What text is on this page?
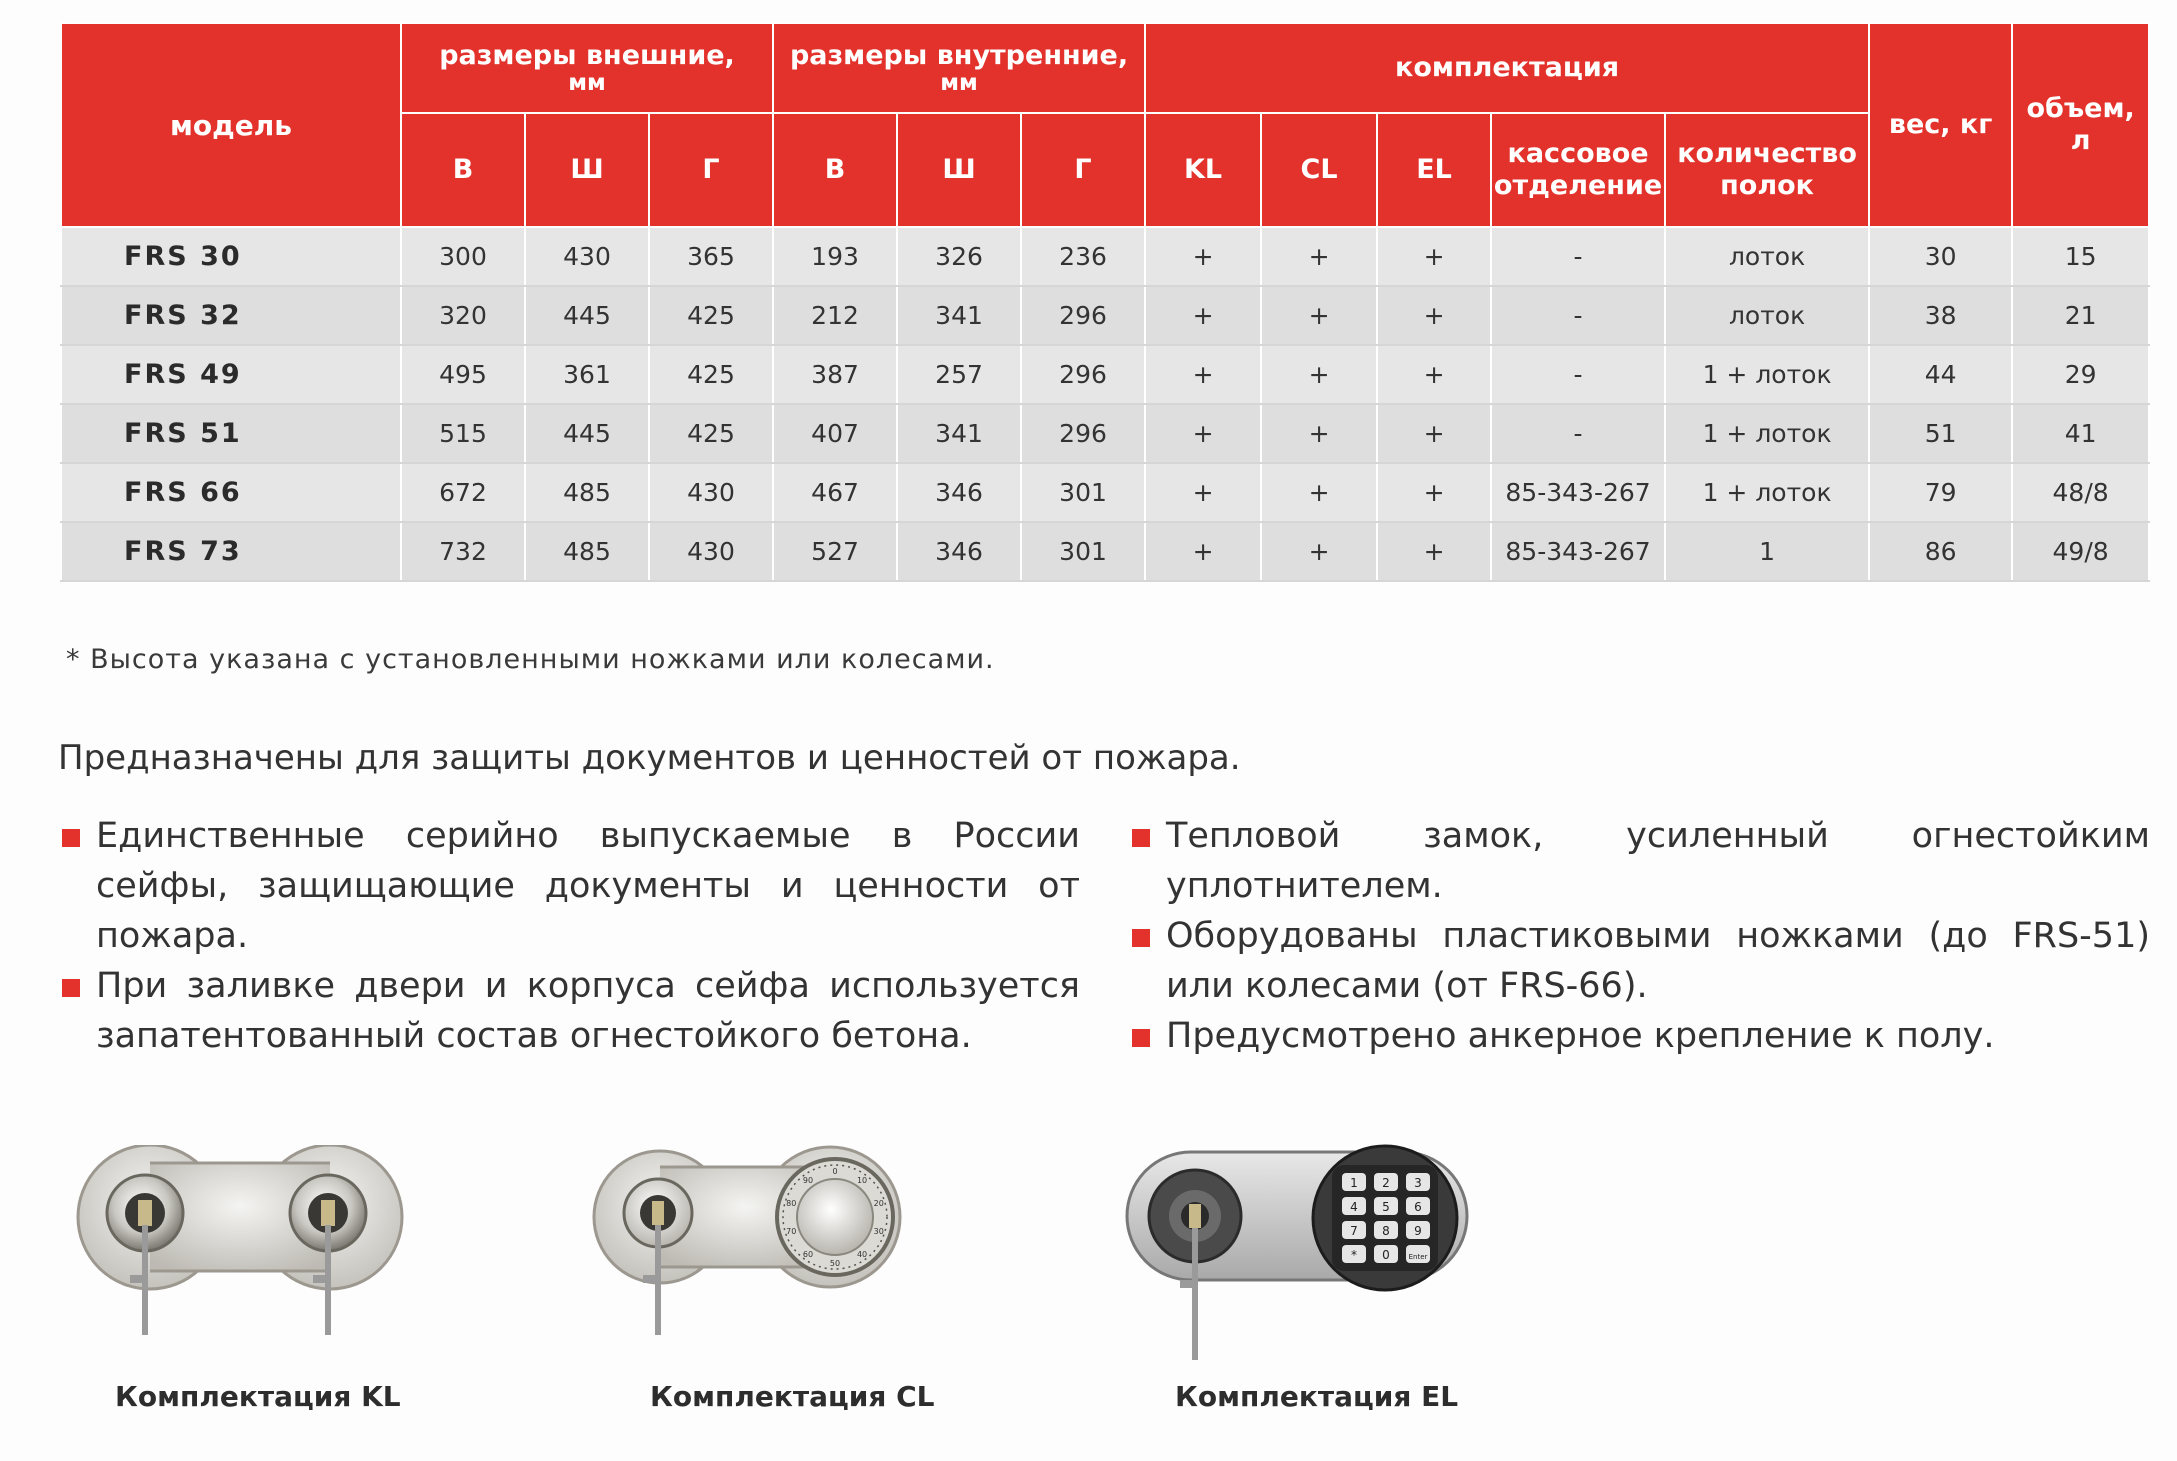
модель	размеры внешние,
мм			размеры внутренние,
мм			комплектация					вес, кг	объем,
л
	В	Ш	Г	В	Ш	Г	KL	CL	EL	кассовое отделение	количество полок		
FRS 30	300	430	365	193	326	236	+	+	+	-	лоток	30	15
FRS 32	320	445	425	212	341	296	+	+	+	-	лоток	38	21
FRS 49	495	361	425	387	257	296	+	+	+	-	1 + лоток	44	29
FRS 51	515	445	425	407	341	296	+	+	+	-	1 + лоток	51	41
FRS 66	672	485	430	467	346	301	+	+	+	85-343-267	1 + лоток	79	48/8
FRS 73	732	485	430	527	346	301	+	+	+	85-343-267	1	86	49/8
* Высота указана с установленными ножками или колесами.
Предназначены для защиты документов и ценностей от пожара.
Единственные серийно выпускаемые в России сейфы, защищающие документы и ценности от пожара.
При заливке двери и корпуса сейфа используется запатентованный состав огнестойкого бетона.
Тепловой замок, усиленный огнестойким уплотнителем.
Оборудованы пластиковыми ножками (до FRS-51) или колесами (от FRS-66).
Предусмотрено анкерное крепление к полу.
Комплектация KL
0
10
20
30
40
50
60
70
80
90
Комплектация CL
1 2 3
4 5 6
7 8 9
* 0	Enter
Комплектация EL
